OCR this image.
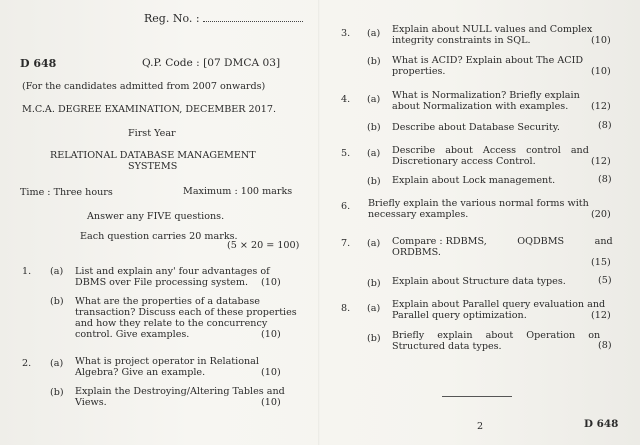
Reg. No. :
D 648	Q.P. Code : [07 DMCA 03]
(For the candidates admitted from 2007 onwards)
M.C.A. DEGREE EXAMINATION, DECEMBER 2017.
First Year
RELATIONAL DATABASE MANAGEMENT
SYSTEMS
Time : Three hours	Maximum : 100 marks
Answer any FIVE questions.
Each question carries 20 marks.
(5 × 20 = 100)
1. (a) List and explain any' four advantages of
DBMS over File processing system. (10)
(b) What are the properties of a database
transaction? Discuss each of these properties
and how they relate to the concurrency
control. Give examples.	(10)
2. (a) What is project operator in Relational
Algebra? Give an example.	(10)
(b) Explain the Destroying/Altering Tables and
Views.	(10)
3. (a) Explain about NULL values and Complex
integrity constraints in SQL.	(10)
(b) What is ACID? Explain about The ACID
properties.	(10)
4. (a) What is Normalization? Briefly explain
about Normalization with examples. (12)
(b) Describe about Database Security.	(8)
5. (a) Describe about Access control and
Discretionary access Control.	(12)
(b) Explain about Lock management.	(8)
6. Briefly explain the various normal forms with
necessary examples.	(20)
7. (a) Compare : RDBMS,          OQDBMS          and
ORDBMS.
(15)
(b) Explain about Structure data types.	(5)
8. (a) Explain about Parallel query evaluation and
Parallel query optimization.	(12)
(b) Briefly explain about Operation on
Structured data types.	(8)
2	D 648
